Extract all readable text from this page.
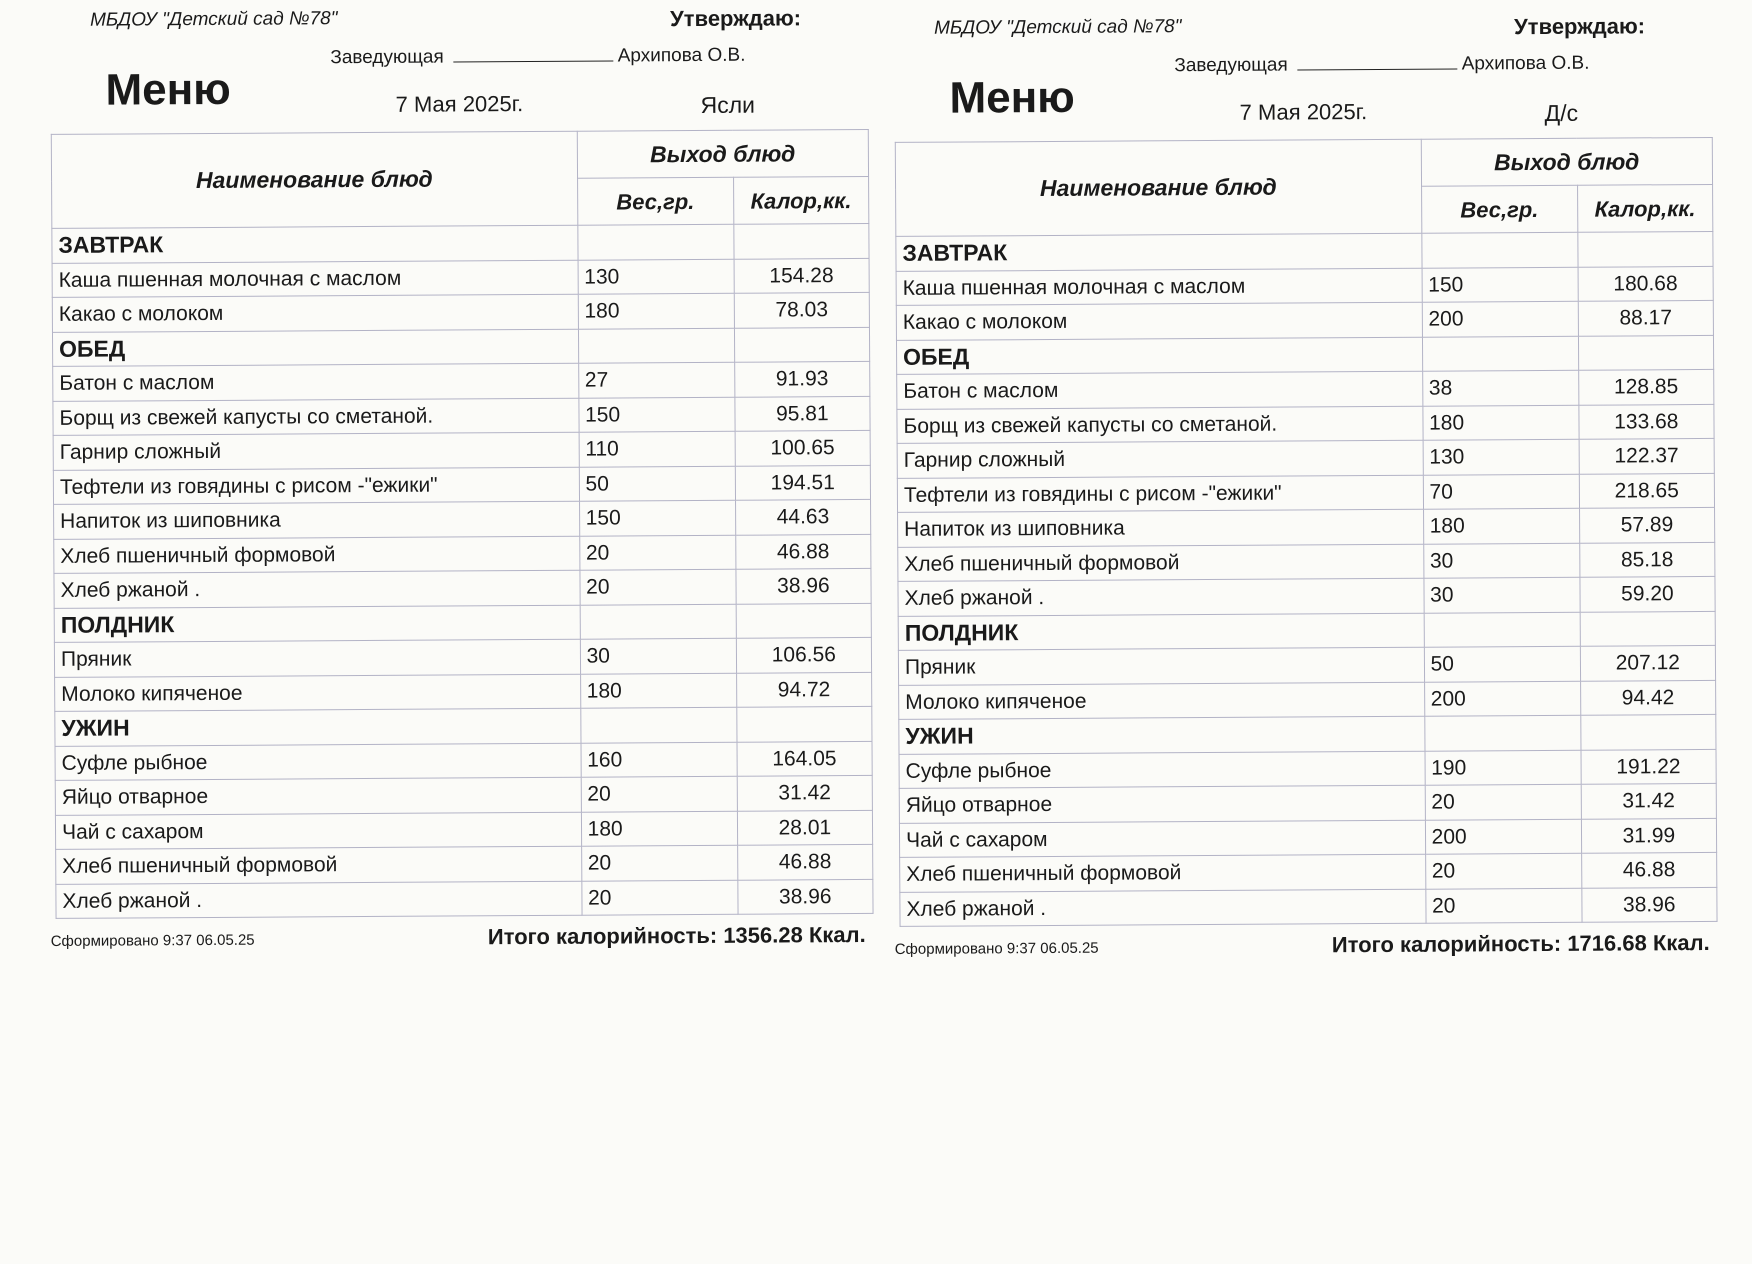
МБДОУ "Детский сад №78"	Утверждаю:
Заведующая	Архипова О.В.
Меню	7 Мая 2025г.	Ясли
Наименование блюд	Выход блюд	
	Вес,гр.	Калор,кк.
ЗАВТРАК		
Каша пшенная молочная с маслом	130	154.28
Какао с молоком	180	78.03
ОБЕД		
Батон с маслом	27	91.93
Борщ из свежей капусты со сметаной.	150	95.81
Гарнир сложный	110	100.65
Тефтели из говядины с рисом -"ежики"	50	194.51
Напиток из шиповника	150	44.63
Хлеб пшеничный формовой	20	46.88
Хлеб ржаной .	20	38.96
ПОЛДНИК		
Пряник	30	106.56
Молоко кипяченое	180	94.72
УЖИН		
Суфле рыбное	160	164.05
Яйцо отварное	20	31.42
Чай с сахаром	180	28.01
Хлеб пшеничный формовой	20	46.88
Хлеб ржаной .	20	38.96
Сформировано 9:37 06.05.25	Итого калорийность: 1356.28 Ккал.
МБДОУ "Детский сад №78"	Утверждаю:
Заведующая	Архипова О.В.
Меню	7 Мая 2025г.	Д/с
Наименование блюд	Выход блюд	
	Вес,гр.	Калор,кк.
ЗАВТРАК		
Каша пшенная молочная с маслом	150	180.68
Какао с молоком	200	88.17
ОБЕД		
Батон с маслом	38	128.85
Борщ из свежей капусты со сметаной.	180	133.68
Гарнир сложный	130	122.37
Тефтели из говядины с рисом -"ежики"	70	218.65
Напиток из шиповника	180	57.89
Хлеб пшеничный формовой	30	85.18
Хлеб ржаной .	30	59.20
ПОЛДНИК		
Пряник	50	207.12
Молоко кипяченое	200	94.42
УЖИН		
Суфле рыбное	190	191.22
Яйцо отварное	20	31.42
Чай с сахаром	200	31.99
Хлеб пшеничный формовой	20	46.88
Хлеб ржаной .	20	38.96
Сформировано 9:37 06.05.25	Итого калорийность: 1716.68 Ккал.
